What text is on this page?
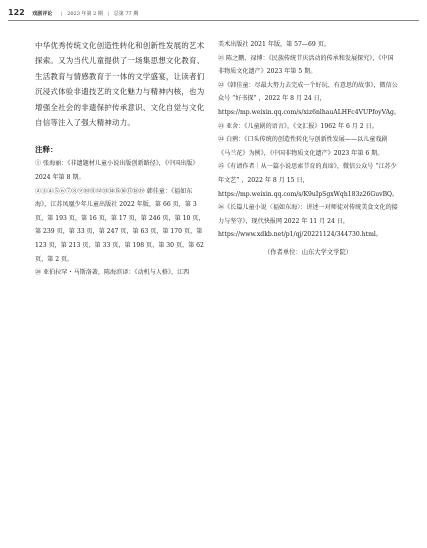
122 戏剧评论 | 2023 年第 2 期 | 总第 77 期

中华优秀传统文化创造性转化和创新性发展的艺术探索。又为当代儿童提供了一场集思想文化教育、生活教育与情感教育于一体的文学盛宴，让读者们沉浸式体验非遗技艺的文化魅力与精神内核，也为增强全社会的非遗保护传承意识、文化自觉与文化自信等注入了强大精神动力。

注释：

① 张海丽：《非遗题材儿童小说出版创新路径》，《中国出版》2024 年第 8 期。

②③④⑤⑥⑦⑧⑨⑩⑪⑫⑬⑭⑮⑯⑰⑱⑲ 韩佳童：《福如东海》，江苏凤凰少年儿童出版社 2022 年版，第 66 页，第 3 页，第 193 页，第 16 页，第 17 页，第 246 页，第 10 页，第 239 页，第 33 页，第 247 页，第 63 页，第 170 页，第 123 页，第 213 页，第 33 页，第 198 页，第 30 页，第 62 页，第 2 页。

⑳ 亚伯拉罕・马斯洛著，陈海滨译：《动机与人格》，江西

美术出版社 2021 年版，第 57—69 页。

㉑ 陈之鹏、禄博：《民族传统节庆活动的传承和发展探究》，《中国非物质文化遗产》2023 年第 5 期。

㉒《韩佳童：尽最大努力去完成一个好玩、有意思的故事》，微信公众号 “好书探” ，2022 年 8 月 24 日，https://mp.weixin.qq.com/s/xiz6nlhauALHFc4VUPfoyVAg。

㉓ 亚舍：《儿童剧的语言》，《文汇报》1962 年 6 月 2 日。

㉔ 白鸦：《口头传统的创造性转化与创新性发展——以儿童戏剧《马兰花》为例》，《中国非物质文化遗产》2023 年第 6 期。

㉕《有请作者｜从一篇小说思索节育的真谛》，微信公众号 “江苏少年文艺” ，2022 年 8 月 15 日，https://mp.weixin.qq.com/s/K9uIpSgxWqh183z26GuvBQ。

㉖《长篇儿童小说〈福如东海〉：讲述一对师徒对传统美食文化的接力与坚守》，现代快报网 2022 年 11 月 24 日，https://www.xdkb.net/p1/qj/20221124/344730.html。

（作者单位：山东大学文学院）
